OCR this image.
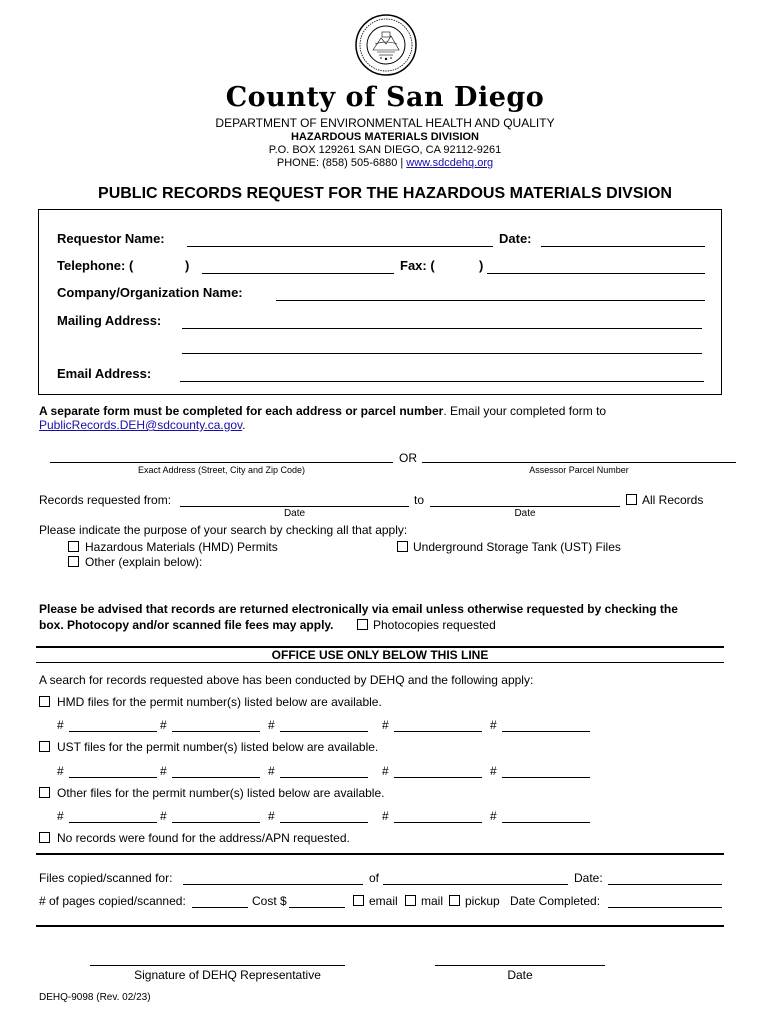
County of San Diego
DEPARTMENT OF ENVIRONMENTAL HEALTH AND QUALITY
HAZARDOUS MATERIALS DIVISION
P.O. BOX 129261 SAN DIEGO, CA 92112-9261
PHONE: (858) 505-6880 | www.sdcdehq.org
PUBLIC RECORDS REQUEST FOR THE HAZARDOUS MATERIALS DIVSION
Requestor Name:	Date:
Telephone: (	)	Fax: (	)
Company/Organization Name:
Mailing Address:
Email Address:
A separate form must be completed for each address or parcel number. Email your completed form to
PublicRecords.DEH@sdcounty.ca.gov.
OR
Exact Address (Street, City and Zip Code)	Assessor Parcel Number
Records requested from:	to	All Records
Date	Date
Please indicate the purpose of your search by checking all that apply:
Hazardous Materials (HMD) Permits	Underground Storage Tank (UST) Files
Other (explain below):
Please be advised that records are returned electronically via email unless otherwise requested by checking the
box. Photocopy and/or scanned file fees may apply.	Photocopies requested
OFFICE USE ONLY BELOW THIS LINE
A search for records requested above has been conducted by DEHQ and the following apply:
HMD files for the permit number(s) listed below are available.
#	#	#	#	#
UST files for the permit number(s) listed below are available.
#	#	#	#	#
Other files for the permit number(s) listed below are available.
#	#	#	#	#
No records were found for the address/APN requested.
Files copied/scanned for:	of	Date:
# of pages copied/scanned:	Cost $	email mail pickup Date Completed:
Signature of DEHQ Representative	Date
DEHQ-9098 (Rev. 02/23)
